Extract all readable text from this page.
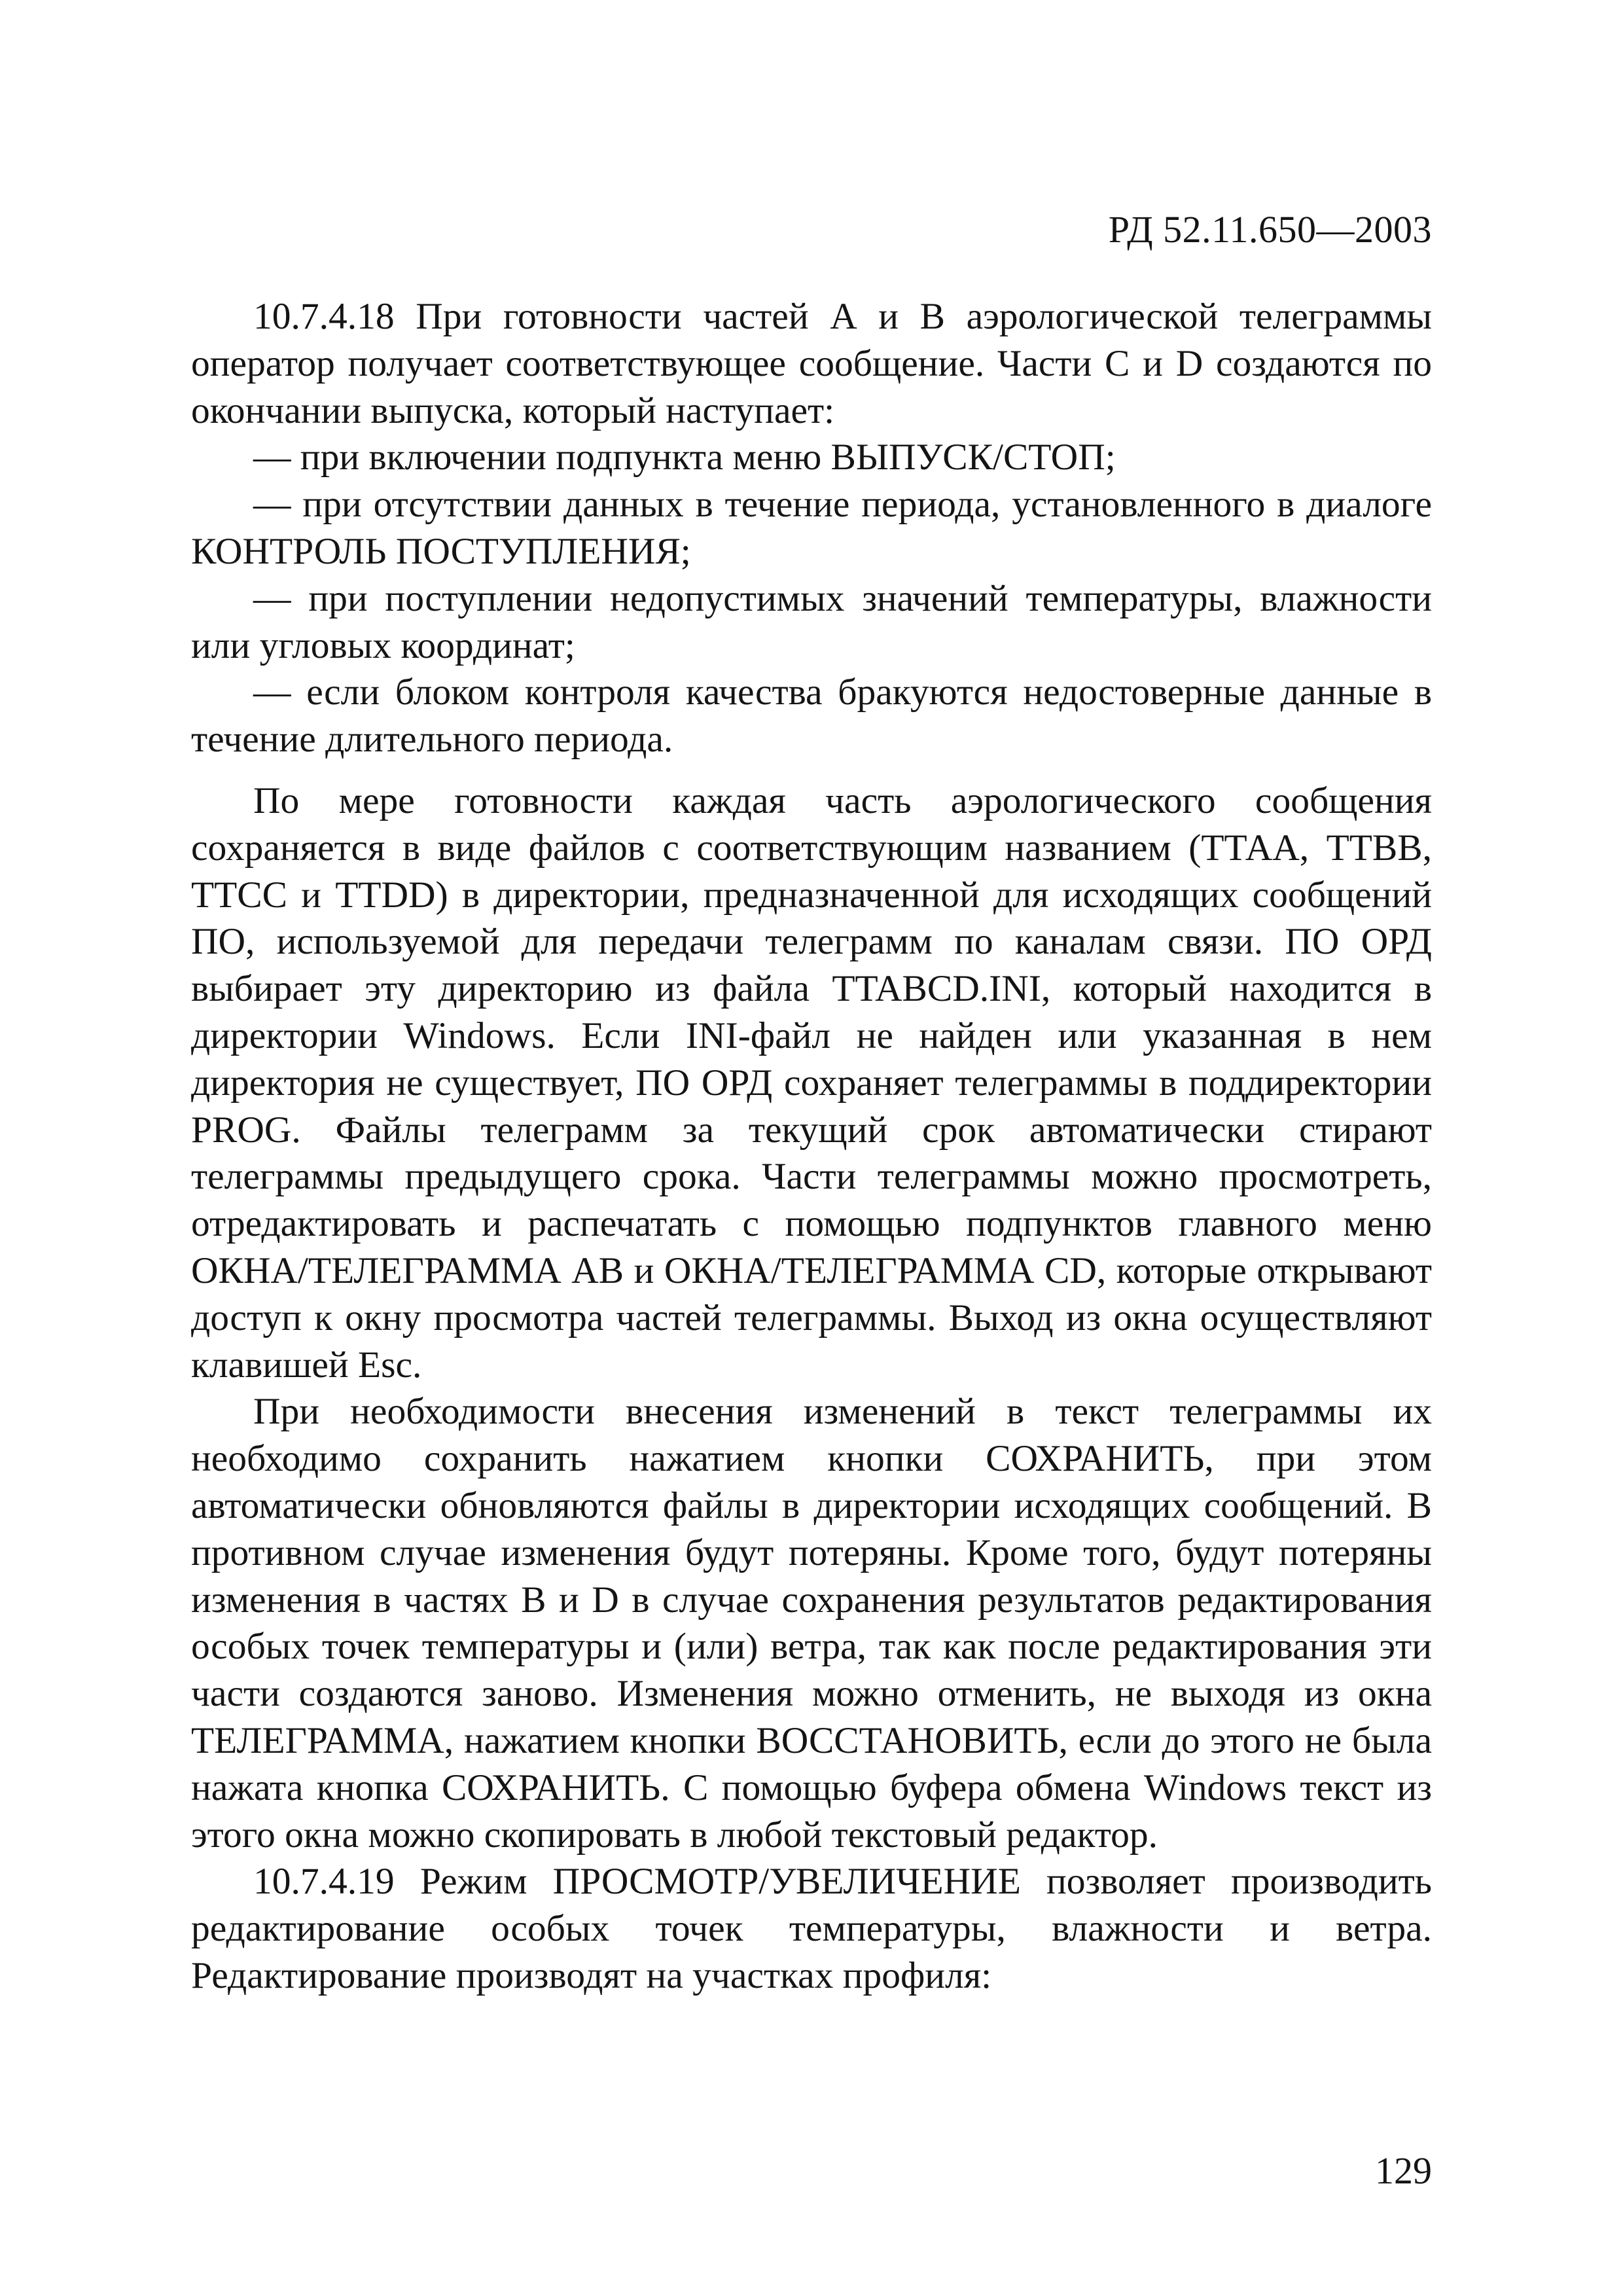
РД 52.11.650—2003

10.7.4.18 При готовности частей А и В аэрологической телеграммы оператор получает соответствующее сообщение. Части С и D создаются по окончании выпуска, который наступает:

— при включении подпункта меню ВЫПУСК/СТОП;

— при отсутствии данных в течение периода, установленного в диалоге КОНТРОЛЬ ПОСТУПЛЕНИЯ;

— при поступлении недопустимых значений температуры, влажности или угловых координат;

— если блоком контроля качества бракуются недостоверные данные в течение длительного периода.

По мере готовности каждая часть аэрологического сообщения сохраняется в виде файлов с соответствующим названием (ТТАА, ТТВВ, ТТСС и TTDD) в директории, предназначенной для исходящих сообщений ПО, используемой для передачи телеграмм по каналам связи. ПО ОРД выбирает эту директорию из файла TTABCD.INI, который находится в директории Windows. Если INI-файл не найден или указанная в нем директория не существует, ПО ОРД сохраняет телеграммы в поддиректории PROG. Файлы телеграмм за текущий срок автоматически стирают телеграммы предыдущего срока. Части телеграммы можно просмотреть, отредактировать и распечатать с помощью подпунктов главного меню ОКНА/ТЕЛЕГРАММА АВ и ОКНА/ТЕЛЕГРАММА CD, которые открывают доступ к окну просмотра частей телеграммы. Выход из окна осуществляют клавишей Esc.

При необходимости внесения изменений в текст телеграммы их необходимо сохранить нажатием кнопки СОХРАНИТЬ, при этом автоматически обновляются файлы в директории исходящих сообщений. В противном случае изменения будут потеряны. Кроме того, будут потеряны изменения в частях В и D в случае сохранения результатов редактирования особых точек температуры и (или) ветра, так как после редактирования эти части создаются заново. Изменения можно отменить, не выходя из окна ТЕЛЕГРАММА, нажатием кнопки ВОССТАНОВИТЬ, если до этого не была нажата кнопка СОХРАНИТЬ. С помощью буфера обмена Windows текст из этого окна можно скопировать в любой текстовый редактор.

10.7.4.19 Режим ПРОСМОТР/УВЕЛИЧЕНИЕ позволяет производить редактирование особых точек температуры, влажности и ветра. Редактирование производят на участках профиля:

129
